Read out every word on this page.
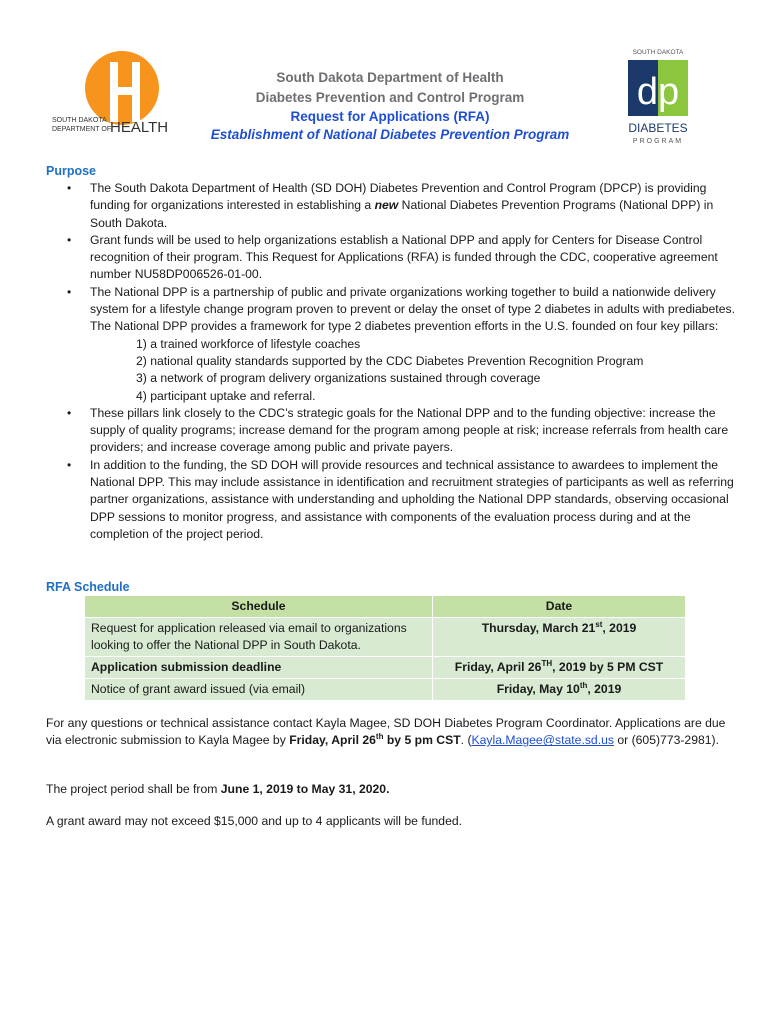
SOUTH DAKOTA
DEPARTMENT OF
HEALTH
South Dakota Department of Health
Diabetes Prevention and Control Program
Request for Applications (RFA)
Establishment of National Diabetes Prevention Program
SOUTH DAKOTA
dp
DIABETES
PROGRAM
Purpose
• The South Dakota Department of Health (SD DOH) Diabetes Prevention and Control Program (DPCP) is providing funding for organizations interested in establishing a new National Diabetes Prevention Programs (National DPP) in South Dakota.
• Grant funds will be used to help organizations establish a National DPP and apply for Centers for Disease Control recognition of their program. This Request for Applications (RFA) is funded through the CDC, cooperative agreement number NU58DP006526-01-00.
• The National DPP is a partnership of public and private organizations working together to build a nationwide delivery system for a lifestyle change program proven to prevent or delay the onset of type 2 diabetes in adults with prediabetes. The National DPP provides a framework for type 2 diabetes prevention efforts in the U.S. founded on four key pillars:
1) a trained workforce of lifestyle coaches
2) national quality standards supported by the CDC Diabetes Prevention Recognition Program
3) a network of program delivery organizations sustained through coverage
4) participant uptake and referral.
• These pillars link closely to the CDC’s strategic goals for the National DPP and to the funding objective: increase the supply of quality programs; increase demand for the program among people at risk; increase referrals from health care providers; and increase coverage among public and private payers.
• In addition to the funding, the SD DOH will provide resources and technical assistance to awardees to implement the National DPP. This may include assistance in identification and recruitment strategies of participants as well as referring partner organizations, assistance with understanding and upholding the National DPP standards, observing occasional DPP sessions to monitor progress, and assistance with components of the evaluation process during and at the completion of the project period.
RFA Schedule
Schedule	Date
Request for application released via email to organizations looking to offer the National DPP in South Dakota.	Thursday, March 21st, 2019
Application submission deadline	Friday, April 26TH, 2019 by 5 PM CST
Notice of grant award issued (via email)	Friday, May 10th, 2019
For any questions or technical assistance contact Kayla Magee, SD DOH Diabetes Program Coordinator. Applications are due via electronic submission to Kayla Magee by Friday, April 26th by 5 pm CST. (Kayla.Magee@state.sd.us or (605)773-2981).
The project period shall be from June 1, 2019 to May 31, 2020.
A grant award may not exceed $15,000 and up to 4 applicants will be funded.
